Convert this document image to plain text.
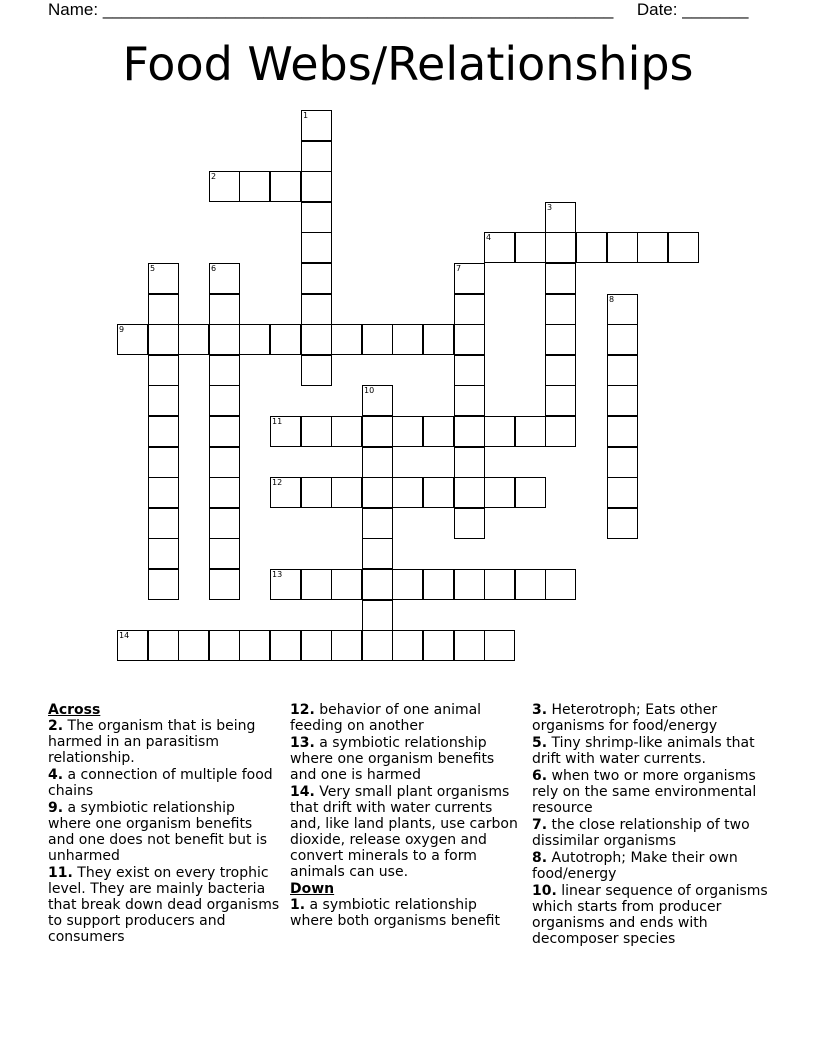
Name: ______________________________________________________ Date: _______
Food Webs/Relationships
1
2
3
4
5	6	7
8
9
10
11
12
13
14
Across
2. The organism that is being harmed in an parasitism relationship.
4. a connection of multiple food chains
9. a symbiotic relationship where one organism benefits and one does not benefit but is unharmed
11. They exist on every trophic level. They are mainly bacteria that break down dead organisms to support producers and consumers
12. behavior of one animal feeding on another
13. a symbiotic relationship where one organism benefits and one is harmed
14. Very small plant organisms that drift with water currents and, like land plants, use carbon dioxide, release oxygen and convert minerals to a form animals can use.
Down
1. a symbiotic relationship where both organisms benefit
3. Heterotroph; Eats other organisms for food/energy
5. Tiny shrimp-like animals that drift with water currents.
6. when two or more organisms rely on the same environmental resource
7. the close relationship of two dissimilar organisms
8. Autotroph; Make their own food/energy
10. linear sequence of organisms which starts from producer organisms and ends with decomposer species
